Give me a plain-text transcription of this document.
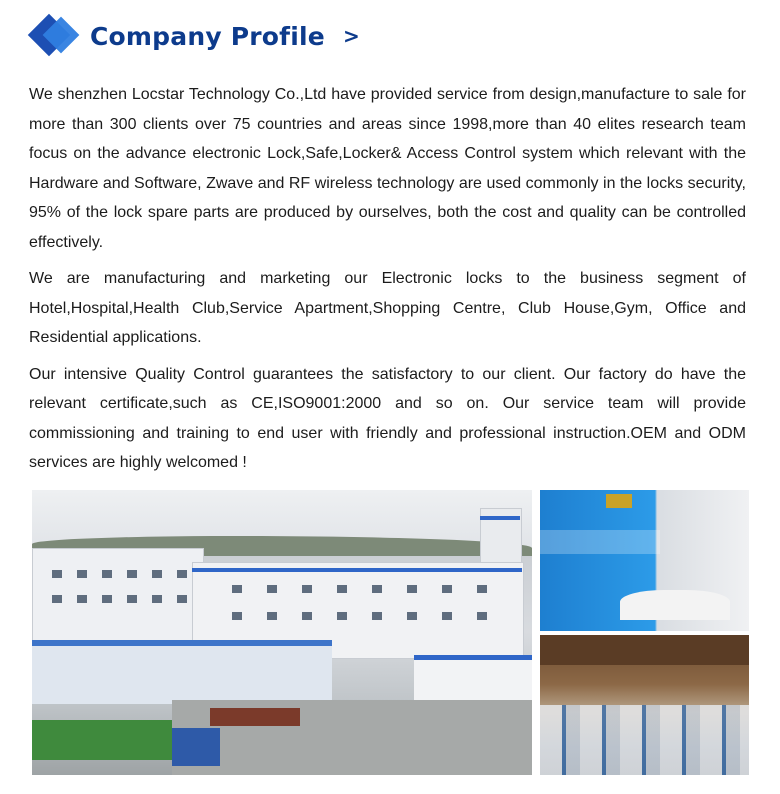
Company Profile >

We shenzhen Locstar Technology Co.,Ltd have provided service from design,manufacture to sale for more than 300 clients over 75 countries and areas since 1998,more than 40 elites research team focus on the advance electronic Lock,Safe,Locker& Access Control system which relevant with the Hardware and Software, Zwave and RF wireless technology are used commonly in the locks security, 95% of the lock spare parts are produced by ourselves, both the cost and quality can be controlled effectively.

We are manufacturing and marketing our Electronic locks to the business segment of Hotel,Hospital,Health Club,Service Apartment,Shopping Centre, Club House,Gym, Office and Residential applications.

Our intensive Quality Control guarantees the satisfactory to our client. Our factory do have the relevant certificate,such as CE,ISO9001:2000 and so on. Our service team will provide commissioning and training to end user with friendly and professional instruction.OEM and ODM services are highly welcomed !
